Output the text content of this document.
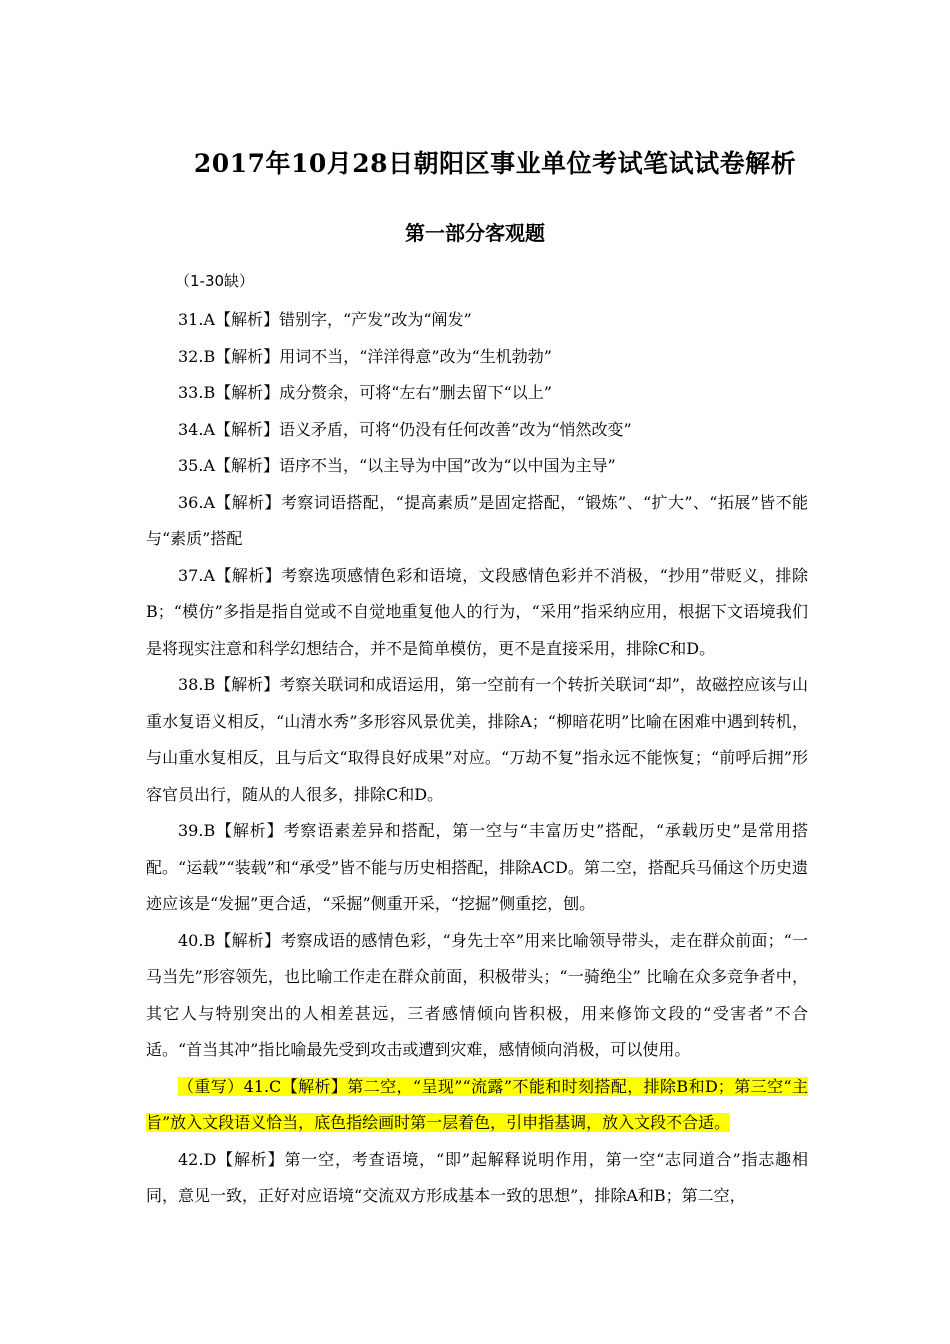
2017年10月28日朝阳区事业单位考试笔试试卷解析
第一部分客观题
（1-30缺）

31.A【解析】错别字，“产发”改为“阐发”

32.B【解析】用词不当，“洋洋得意”改为“生机勃勃”

33.B【解析】成分赘余，可将“左右”删去留下“以上”

34.A【解析】语义矛盾，可将“仍没有任何改善”改为“悄然改变”

35.A【解析】语序不当，“以主导为中国”改为“以中国为主导”

36.A【解析】考察词语搭配，“提高素质”是固定搭配，“锻炼”、“扩大”、“拓展”皆不能与“素质”搭配

37.A【解析】考察选项感情色彩和语境，文段感情色彩并不消极，“抄用”带贬义，排除B；“模仿”多指是指自觉或不自觉地重复他人的行为，“采用”指采纳应用，根据下文语境我们是将现实注意和科学幻想结合，并不是简单模仿，更不是直接采用，排除C和D。

38.B【解析】考察关联词和成语运用，第一空前有一个转折关联词“却”，故磁控应该与山重水复语义相反，“山清水秀”多形容风景优美，排除A；“柳暗花明”比喻在困难中遇到转机，与山重水复相反，且与后文“取得良好成果”对应。“万劫不复”指永远不能恢复；“前呼后拥”形容官员出行，随从的人很多，排除C和D。

39.B【解析】考察语素差异和搭配，第一空与“丰富历史”搭配，“承载历史”是常用搭配。“运载”“装载”和“承受”皆不能与历史相搭配，排除ACD。第二空，搭配兵马俑这个历史遗迹应该是“发掘”更合适，“采掘”侧重开采，“挖掘”侧重挖，刨。

40.B【解析】考察成语的感情色彩，“身先士卒”用来比喻领导带头，走在群众前面；“一马当先”形容领先，也比喻工作走在群众前面，积极带头；“一骑绝尘” 比喻在众多竞争者中，其它人与特别突出的人相差甚远，三者感情倾向皆积极，用来修饰文段的“受害者”不合适。“首当其冲”指比喻最先受到攻击或遭到灾难，感情倾向消极，可以使用。

（重写）41.C【解析】第二空，“呈现”“流露”不能和时刻搭配，排除B和D；第三空“主旨”放入文段语义恰当，底色指绘画时第一层着色，引申指基调，放入文段不合适。

42.D【解析】第一空，考查语境，“即”起解释说明作用，第一空“志同道合”指志趣相同，意见一致，正好对应语境“交流双方形成基本一致的思想”，排除A和B；第二空，
